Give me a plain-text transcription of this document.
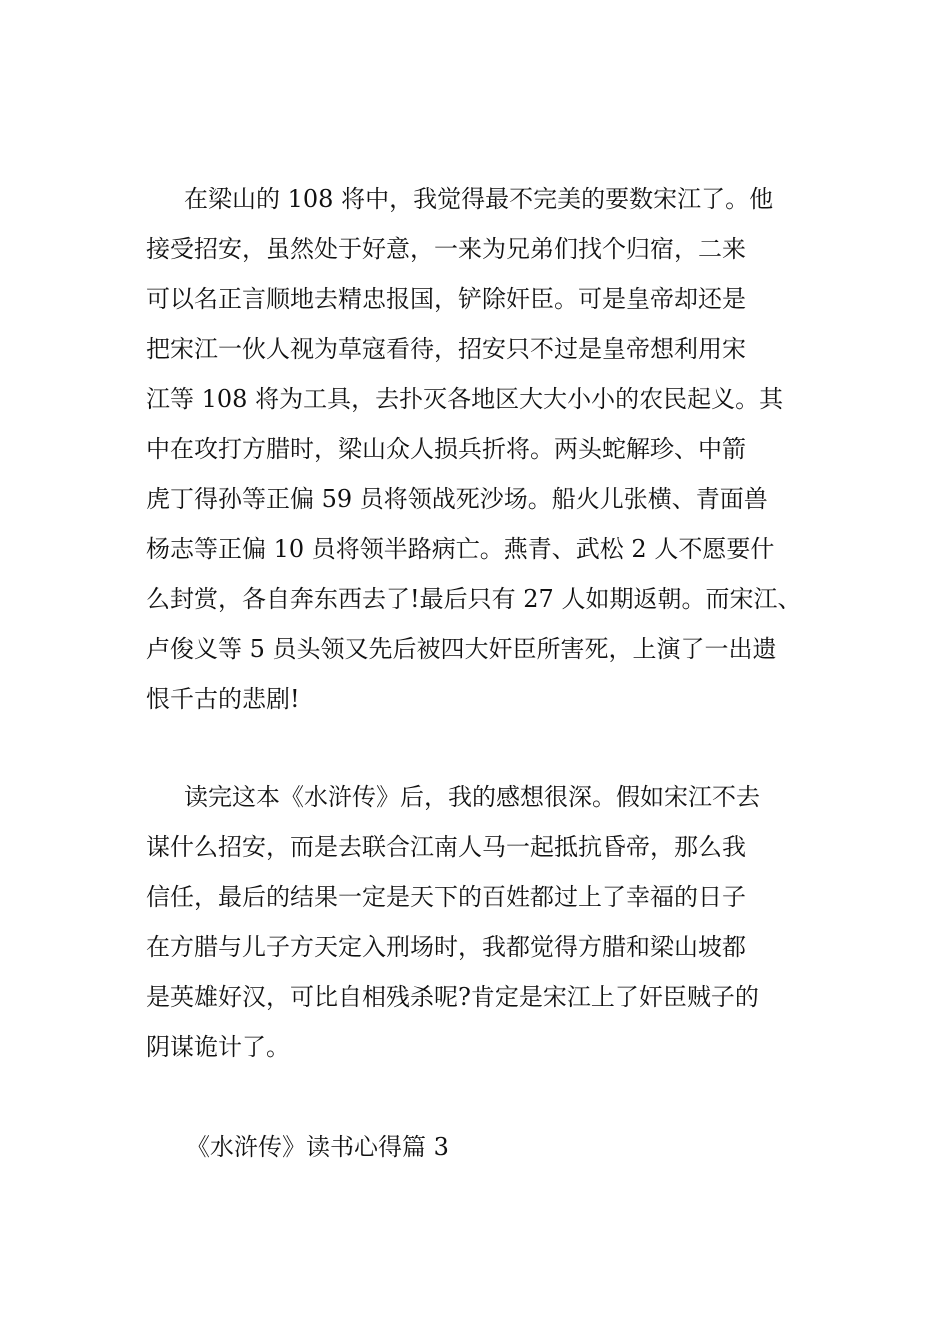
在梁山的 108 将中，我觉得最不完美的要数宋江了。他
接受招安，虽然处于好意，一来为兄弟们找个归宿，二来
可以名正言顺地去精忠报国，铲除奸臣。可是皇帝却还是
把宋江一伙人视为草寇看待，招安只不过是皇帝想利用宋
江等 108 将为工具，去扑灭各地区大大小小的农民起义。其
中在攻打方腊时，梁山众人损兵折将。两头蛇解珍、中箭
虎丁得孙等正偏 59 员将领战死沙场。船火儿张横、青面兽
杨志等正偏 10 员将领半路病亡。燕青、武松 2 人不愿要什
么封赏，各自奔东西去了!最后只有 27 人如期返朝。而宋江、
卢俊义等 5 员头领又先后被四大奸臣所害死，上演了一出遗
恨千古的悲剧!
读完这本《水浒传》后，我的感想很深。假如宋江不去
谋什么招安，而是去联合江南人马一起抵抗昏帝，那么我
信任，最后的结果一定是天下的百姓都过上了幸福的日子
在方腊与儿子方天定入刑场时，我都觉得方腊和梁山坡都
是英雄好汉，可比自相残杀呢?肯定是宋江上了奸臣贼子的
阴谋诡计了。
《水浒传》读书心得篇 3
